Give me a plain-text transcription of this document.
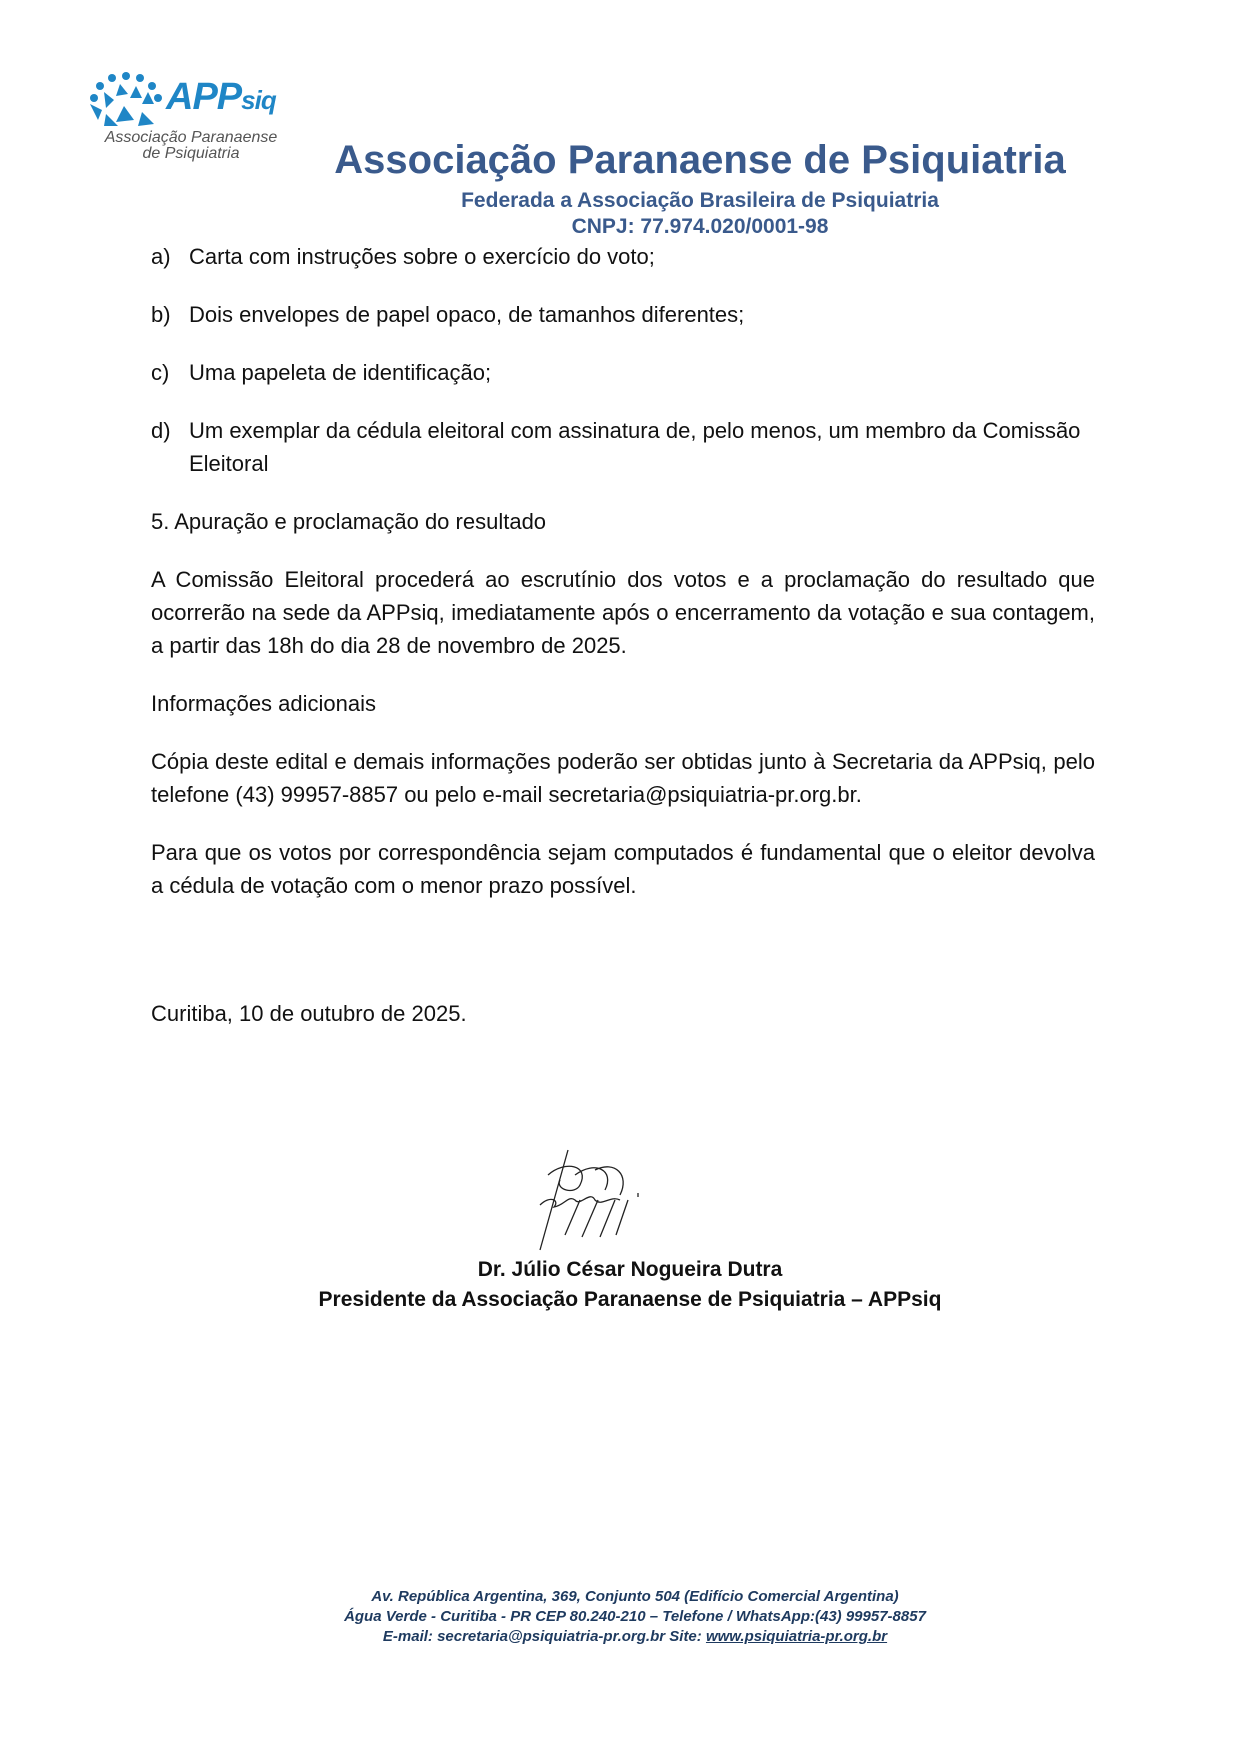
APPsiq
Associação Paranaense
de Psiquiatria	Associação Paranaense de Psiquiatria
Federada a Associação Brasileira de Psiquiatria
CNPJ: 77.974.020/0001-98
a) Carta com instruções sobre o exercício do voto;
b) Dois envelopes de papel opaco, de tamanhos diferentes;
c) Uma papeleta de identificação;
d) Um exemplar da cédula eleitoral com assinatura de, pelo menos, um membro da Comissão Eleitoral
5. Apuração e proclamação do resultado
A Comissão Eleitoral procederá ao escrutínio dos votos e a proclamação do resultado que ocorrerão na sede da APPsiq, imediatamente após o encerramento da votação e sua contagem, a partir das 18h do dia 28 de novembro de 2025.
Informações adicionais
Cópia deste edital e demais informações poderão ser obtidas junto à Secretaria da APPsiq, pelo telefone (43) 99957-8857 ou pelo e-mail secretaria@psiquiatria-pr.org.br.
Para que os votos por correspondência sejam computados é fundamental que o eleitor devolva a cédula de votação com o menor prazo possível.
Curitiba, 10 de outubro de 2025.
Dr. Júlio César Nogueira Dutra
Presidente da Associação Paranaense de Psiquiatria – APPsiq
Av. República Argentina, 369, Conjunto 504 (Edifício Comercial Argentina)
Água Verde - Curitiba - PR CEP 80.240-210 – Telefone / WhatsApp:(43) 99957-8857
E-mail: secretaria@psiquiatria-pr.org.br Site: www.psiquiatria-pr.org.br
